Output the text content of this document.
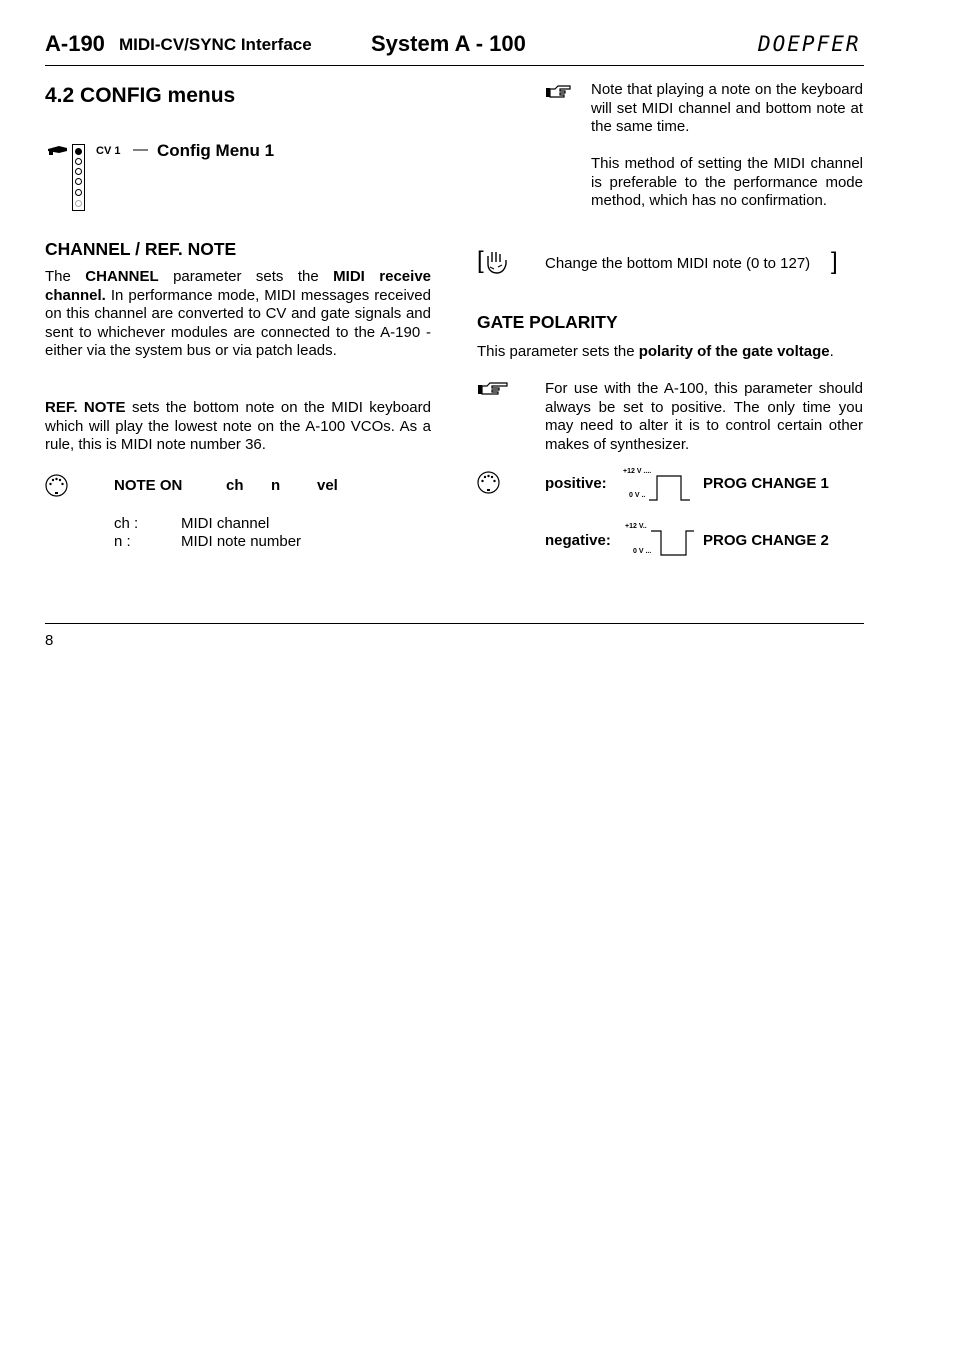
A-190 MIDI-CV/SYNC Interface	System A - 100	DOEPFER
4.2 CONFIG menus
CV 1 — Config Menu 1
CHANNEL / REF. NOTE
The CHANNEL parameter sets the MIDI receive channel. In performance mode, MIDI messages received on this channel are converted to CV and gate signals and sent to whichever modules are connected to the A-190 - either via the system bus or via patch leads.
REF. NOTE sets the bottom note on the MIDI keyboard which will play the lowest note on the A-100 VCOs. As a rule, this is MIDI note number 36.
NOTE ON	ch n vel
ch :	MIDI channel
n :	MIDI note number
Note that playing a note on the keyboard will set MIDI channel and bottom note at the same time.
This method of setting the MIDI channel is preferable to the performance mode method, which has no confirmation.
[	Change the bottom MIDI note (0 to 127) ]
GATE POLARITY
This parameter sets the polarity of the gate voltage.
For use with the A-100, this parameter should always be set to positive. The only time you may need to alter it is to control certain other makes of synthesizer.
positive:
+12 V ....
0 V ..
PROG CHANGE 1
negative:
+12 V..
0 V ...
PROG CHANGE 2
8
